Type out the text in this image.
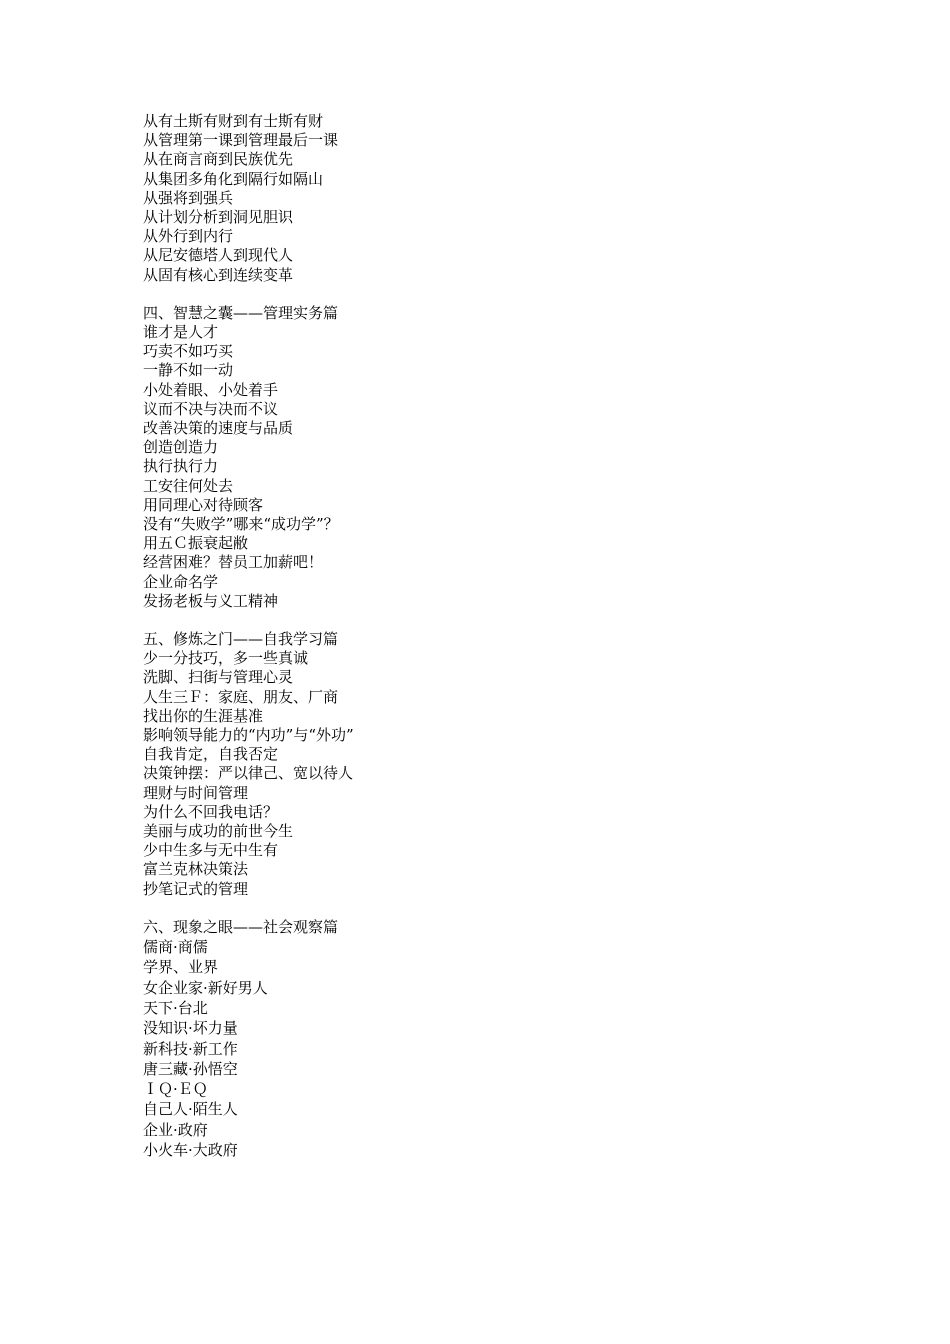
从有土斯有财到有士斯有财
从管理第一课到管理最后一课
从在商言商到民族优先
从集团多角化到隔行如隔山
从强将到强兵
从计划分析到洞见胆识
从外行到内行
从尼安德塔人到现代人
从固有核心到连续变革
四、智慧之囊——管理实务篇
谁才是人才
巧卖不如巧买
一静不如一动
小处着眼、小处着手
议而不决与决而不议
改善决策的速度与品质
创造创造力
执行执行力
工安往何处去
用同理心对待顾客
没有“失败学”哪来“成功学”？
用五Ｃ振衰起敝
经营困难？替员工加薪吧！
企业命名学
发扬老板与义工精神
五、修炼之门——自我学习篇
少一分技巧，多一些真诚
洗脚、扫街与管理心灵
人生三Ｆ：家庭、朋友、厂商
找出你的生涯基准
影响领导能力的“内功”与“外功”
自我肯定，自我否定
决策钟摆：严以律己、宽以待人
理财与时间管理
为什么不回我电话？
美丽与成功的前世今生
少中生多与无中生有
富兰克林决策法
抄笔记式的管理
六、现象之眼——社会观察篇
儒商·商儒
学界、业界
女企业家·新好男人
天下·台北
没知识·坏力量
新科技·新工作
唐三藏·孙悟空
ＩＱ·ＥＱ
自己人·陌生人
企业·政府
小火车·大政府
